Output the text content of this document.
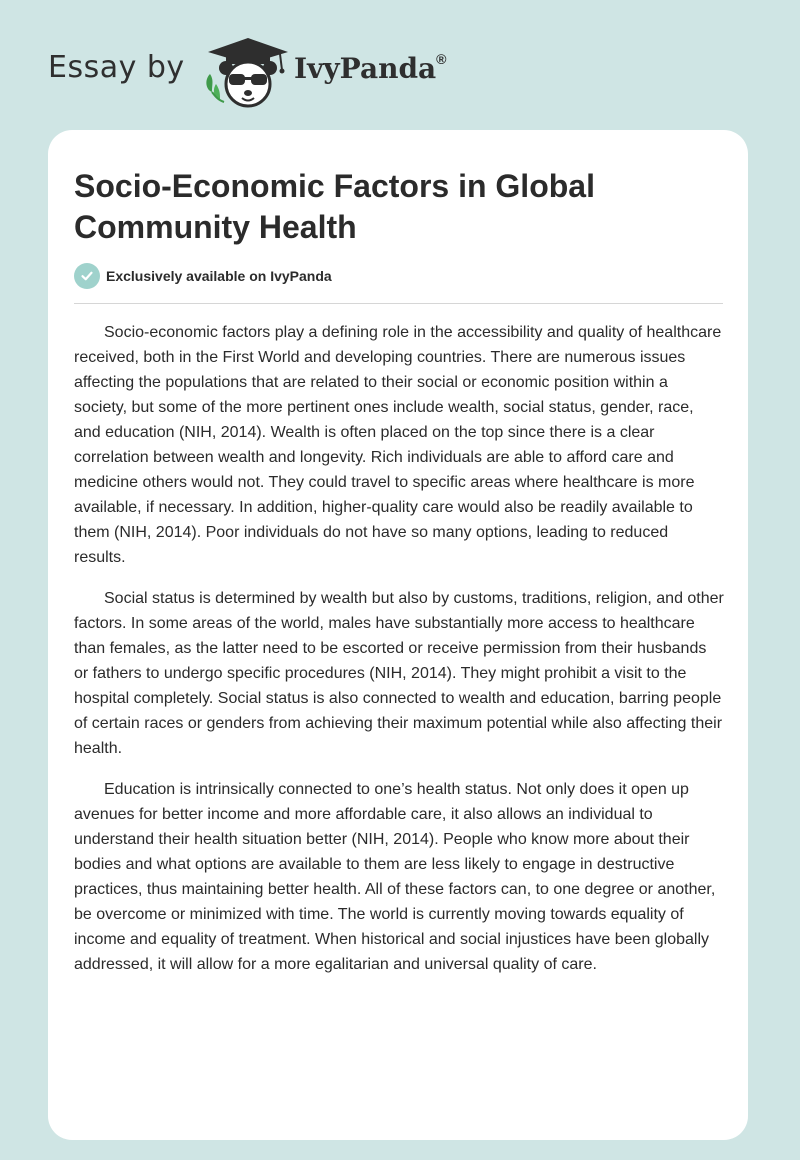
Essay by	IvyPanda®
Socio-Economic Factors in Global Community Health
Exclusively available on IvyPanda

Socio-economic factors play a defining role in the accessibility and quality of healthcare received, both in the First World and developing countries. There are numerous issues affecting the populations that are related to their social or economic position within a society, but some of the more pertinent ones include wealth, social status, gender, race, and education (NIH, 2014). Wealth is often placed on the top since there is a clear correlation between wealth and longevity. Rich individuals are able to afford care and medicine others would not. They could travel to specific areas where healthcare is more available, if necessary. In addition, higher-quality care would also be readily available to them (NIH, 2014). Poor individuals do not have so many options, leading to reduced results.

Social status is determined by wealth but also by customs, traditions, religion, and other factors. In some areas of the world, males have substantially more access to healthcare than females, as the latter need to be escorted or receive permission from their husbands or fathers to undergo specific procedures (NIH, 2014). They might prohibit a visit to the hospital completely. Social status is also connected to wealth and education, barring people of certain races or genders from achieving their maximum potential while also affecting their health.

Education is intrinsically connected to one’s health status. Not only does it open up avenues for better income and more affordable care, it also allows an individual to understand their health situation better (NIH, 2014). People who know more about their bodies and what options are available to them are less likely to engage in destructive practices, thus maintaining better health. All of these factors can, to one degree or another, be overcome or minimized with time. The world is currently moving towards equality of income and equality of treatment. When historical and social injustices have been globally addressed, it will allow for a more egalitarian and universal quality of care.
